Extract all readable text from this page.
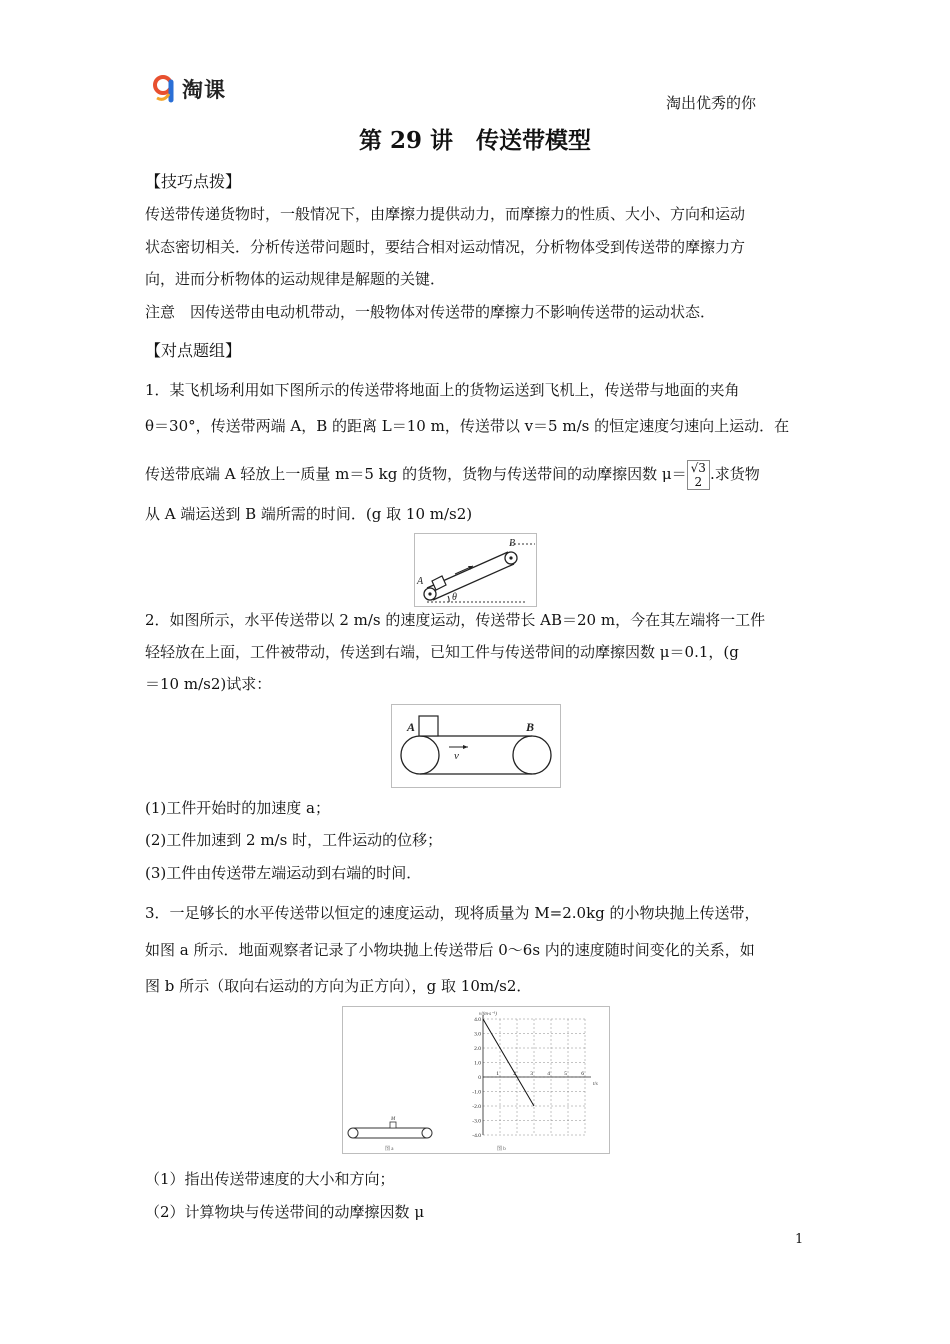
淘课
淘出优秀的你
第 29 讲　传送带模型
【技巧点拨】
传送带传递货物时，一般情况下，由摩擦力提供动力，而摩擦力的性质、大小、方向和运动
状态密切相关．分析传送带问题时，要结合相对运动情况，分析物体受到传送带的摩擦力方
向，进而分析物体的运动规律是解题的关键．
注意　因传送带由电动机带动，一般物体对传送带的摩擦力不影响传送带的运动状态．
【对点题组】
1．某飞机场利用如下图所示的传送带将地面上的货物运送到飞机上，传送带与地面的夹角
θ＝30°，传送带两端 A，B 的距离 L＝10 m，传送带以 v＝5 m/s 的恒定速度匀速向上运动．在
传送带底端 A 轻放上一质量 m＝5 kg 的货物，货物与传送带间的动摩擦因数 μ＝ √3
2 .求货物
从 A 端运送到 B 端所需的时间．(g 取 10 m/s2)
A
B
θ
2．如图所示，水平传送带以 2 m/s 的速度运动，传送带长 AB＝20 m，今在其左端将一工件
轻轻放在上面，工件被带动，传送到右端，已知工件与传送带间的动摩擦因数 μ＝0.1，(g
＝10 m/s2)试求：
A	B
v
(1)工件开始时的加速度 a；
(2)工件加速到 2 m/s 时，工件运动的位移；
(3)工件由传送带左端运动到右端的时间．
3．一足够长的水平传送带以恒定的速度运动，现将质量为 M=2.0kg 的小物块抛上传送带，
如图 a 所示．地面观察者记录了小物块抛上传送带后 0～6s 内的速度随时间变化的关系，如
图 b 所示（取向右运动的方向为正方向），g 取 10m/s2．
M
图 a	图 b
v/(m·s⁻¹)
t/s
4.0
3.0
2.0
1.0
0
-1.0
-2.0
-3.0
-4.0
1	2	3	4	5	6
（1）指出传送带速度的大小和方向；
（2）计算物块与传送带间的动摩擦因数 μ
1
